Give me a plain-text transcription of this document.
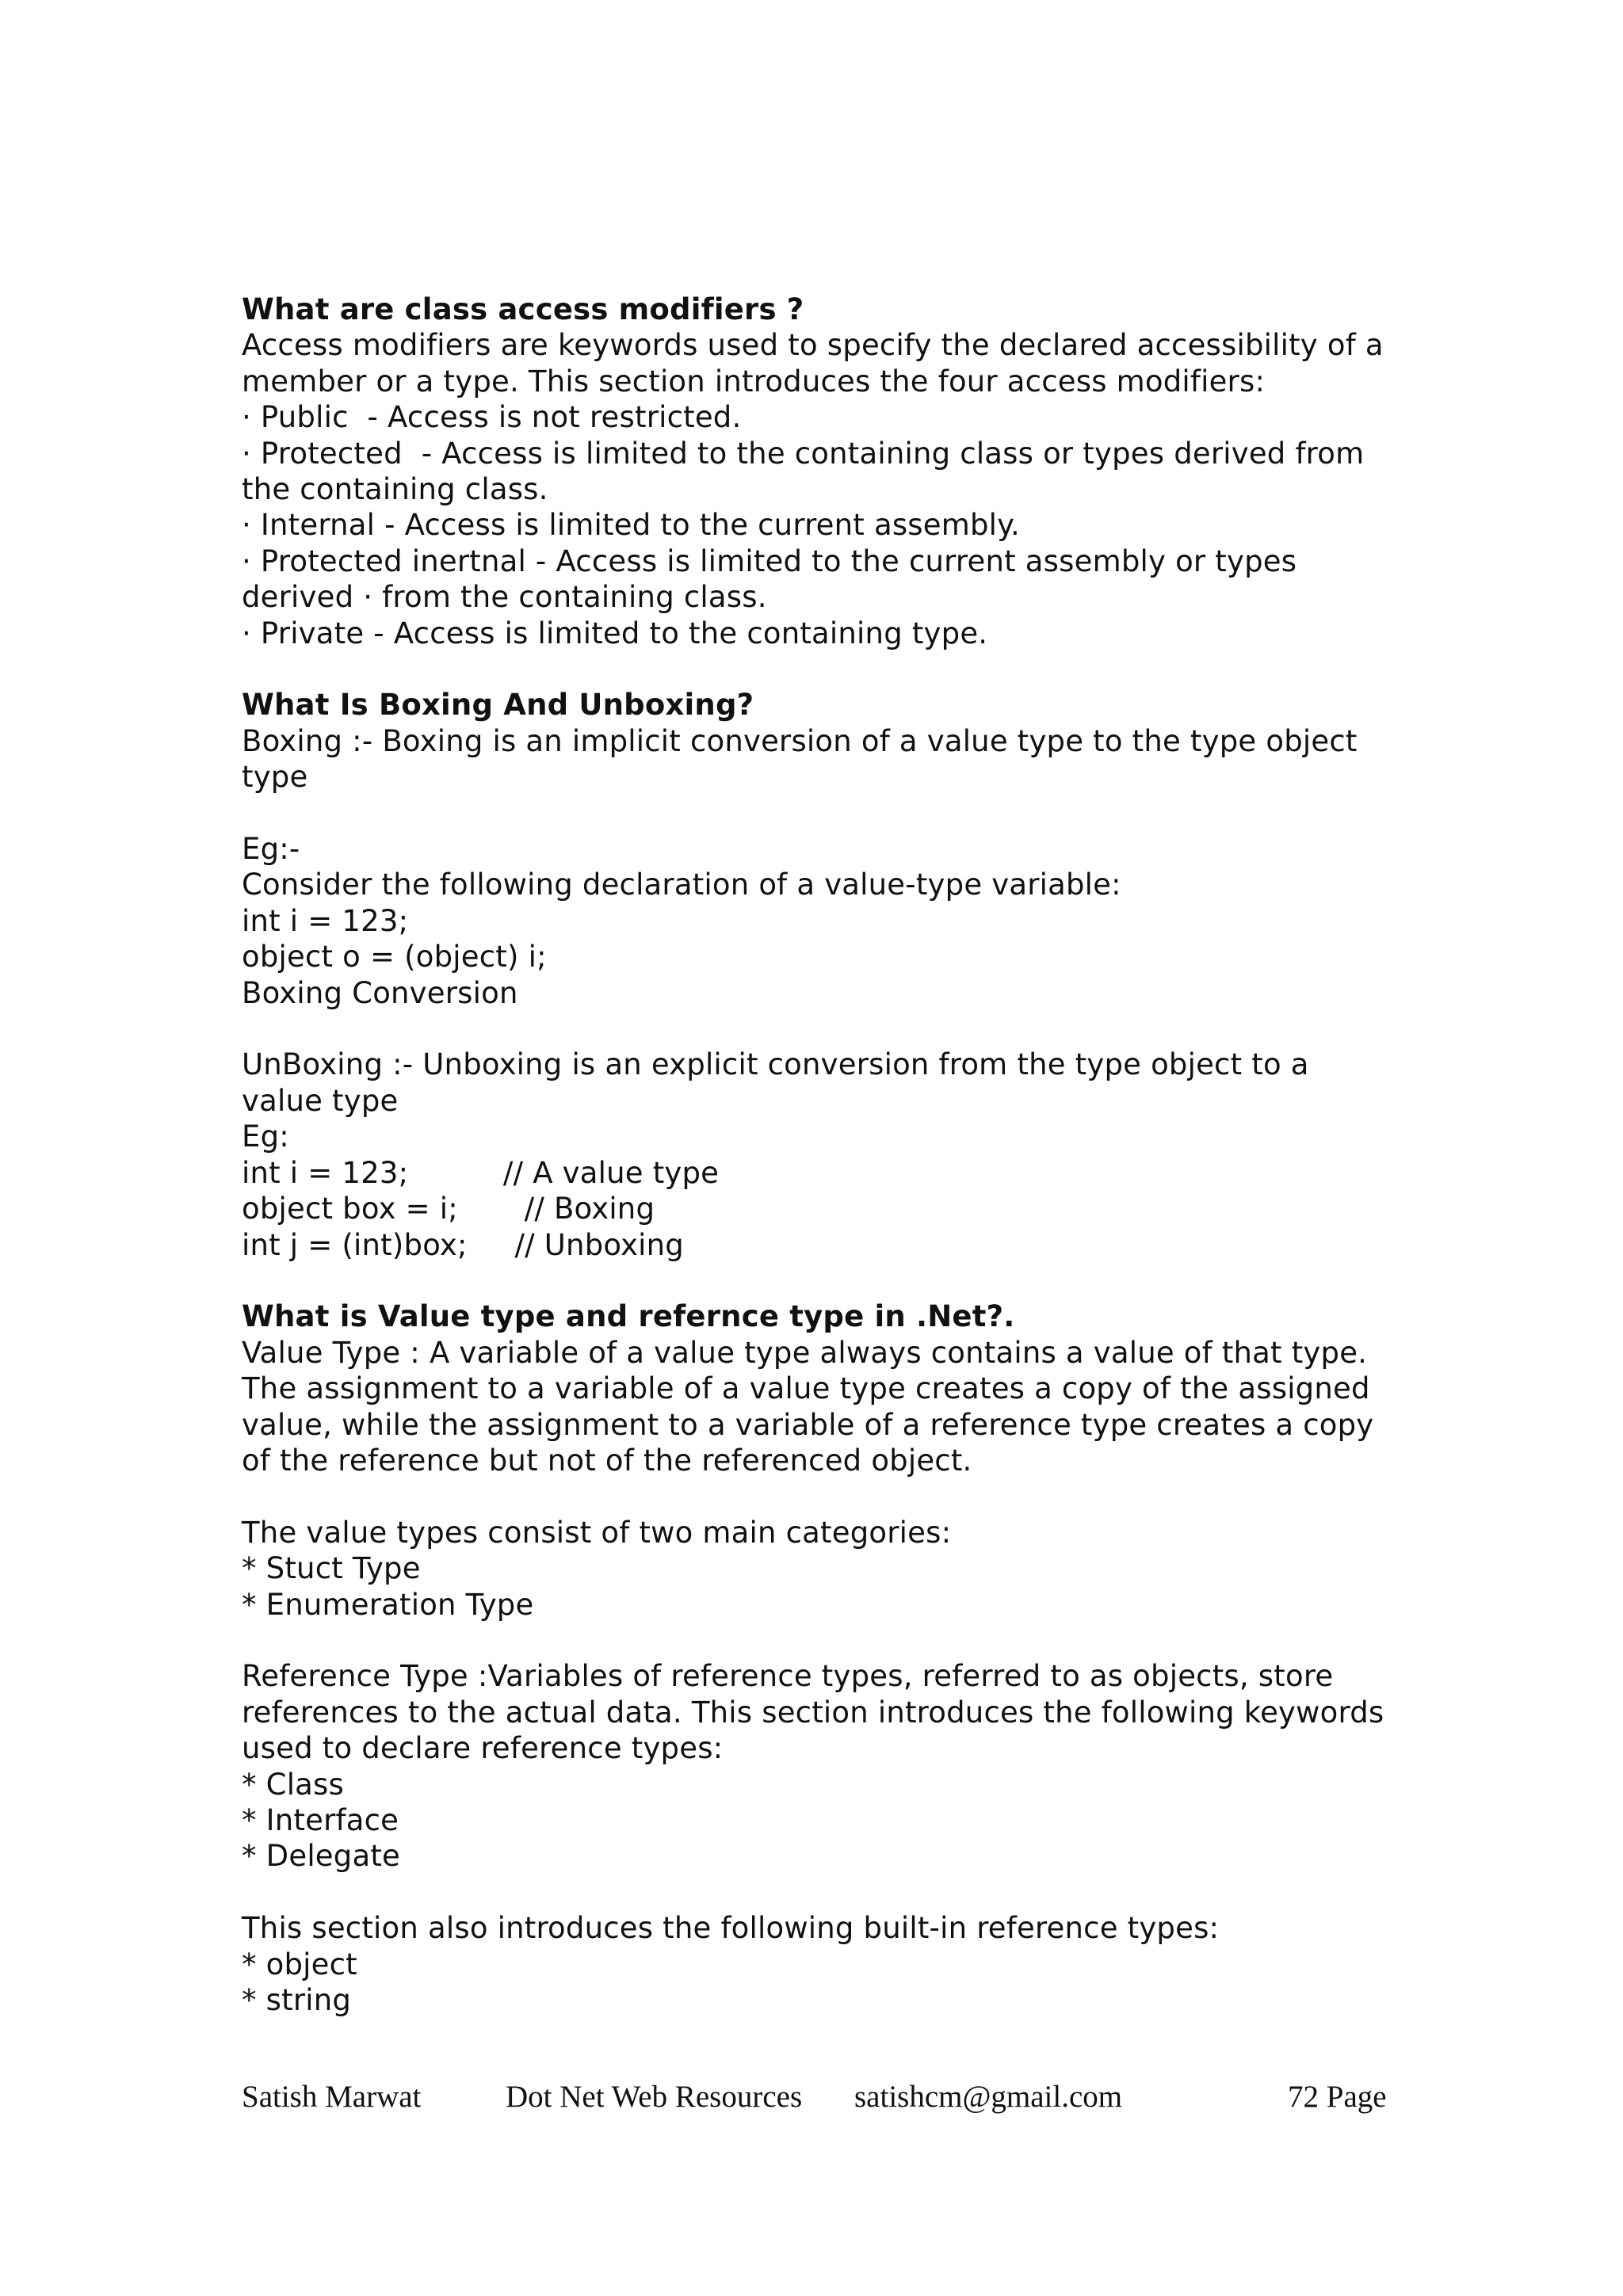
What are class access modifiers ?
Access modifiers are keywords used to specify the declared accessibility of a
member or a type. This section introduces the four access modifiers:
· Public  - Access is not restricted.
· Protected  - Access is limited to the containing class or types derived from
the containing class.
· Internal - Access is limited to the current assembly.
· Protected inertnal - Access is limited to the current assembly or types
derived · from the containing class.
· Private - Access is limited to the containing type.
What Is Boxing And Unboxing?
Boxing :- Boxing is an implicit conversion of a value type to the type object
type
Eg:-
Consider the following declaration of a value-type variable:
int i = 123;
object o = (object) i;
Boxing Conversion
UnBoxing :- Unboxing is an explicit conversion from the type object to a
value type
Eg:
int i = 123;          // A value type
object box = i;       // Boxing
int j = (int)box;     // Unboxing
What is Value type and refernce type in .Net?.
Value Type : A variable of a value type always contains a value of that type.
The assignment to a variable of a value type creates a copy of the assigned
value, while the assignment to a variable of a reference type creates a copy
of the reference but not of the referenced object.
The value types consist of two main categories:
* Stuct Type
* Enumeration Type
Reference Type :Variables of reference types, referred to as objects, store
references to the actual data. This section introduces the following keywords
used to declare reference types:
* Class
* Interface
* Delegate
This section also introduces the following built-in reference types:
* object
* string
Satish Marwat	Dot Net Web Resources satishcm@gmail.com	72 Page
